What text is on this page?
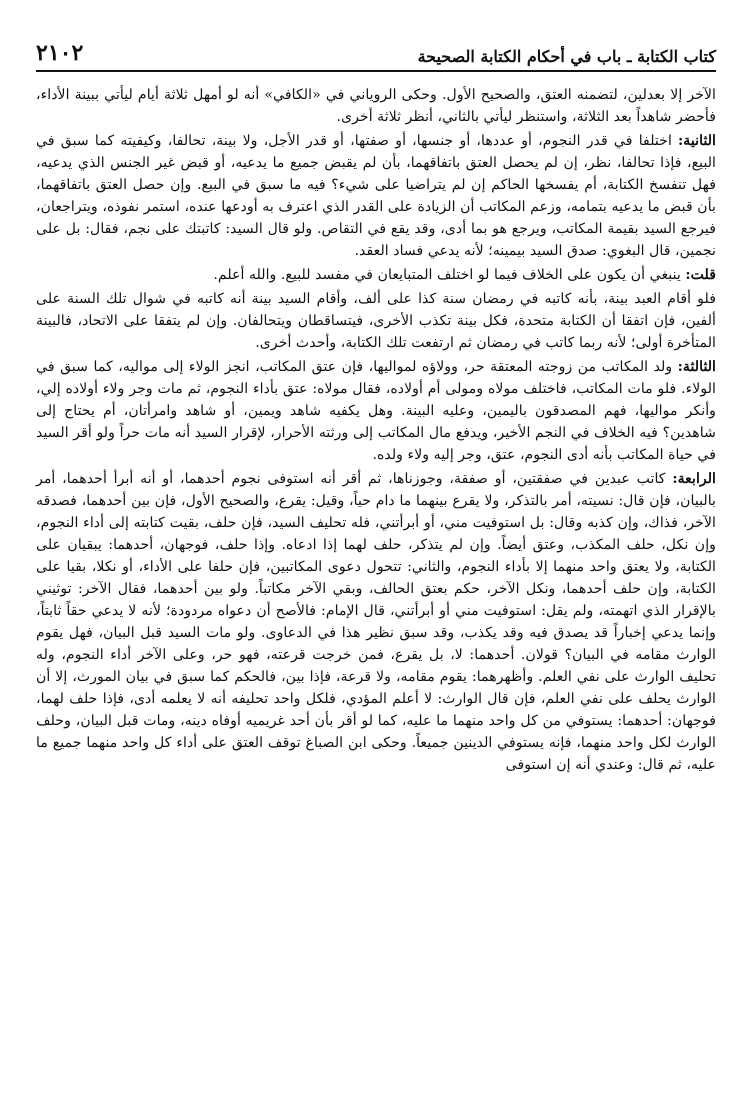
كتاب الكتابة ـ باب في أحكام الكتابة الصحيحة
٢١٠٢

الآخر إلا بعدلين، لتضمنه العتق، والصحيح الأول. وحكى الروياني في «الكافي» أنه لو أمهل ثلاثة أيام ليأتي ببينة الأداء، فأحضر شاهداً بعد الثلاثة، واستنظر ليأتي بالثاني، أنظر ثلاثة أخرى.

الثانية: اختلفا في قدر النجوم، أو عددها، أو جنسها، أو صفتها، أو قدر الأجل، ولا بينة، تحالفا، وكيفيته كما سبق في البيع، فإذا تحالفا، نظر، إن لم يحصل العتق باتفاقهما، بأن لم يقبض جميع ما يدعيه، أو قبض غير الجنس الذي يدعيه، فهل تنفسخ الكتابة، أم يفسخها الحاكم إن لم يتراضيا على شيء؟ فيه ما سبق في البيع. وإن حصل العتق باتفاقهما، بأن قبض ما يدعيه بتمامه، وزعم المكاتب أن الزيادة على القدر الذي اعترف به أودعها عنده، استمر نفوذه، ويتراجعان، فيرجع السيد بقيمة المكاتب، ويرجع هو بما أدى، وقد يقع في التقاص. ولو قال السيد: كاتبتك على نجم، فقال: بل على نجمين، قال البغوي: صدق السيد بيمينه؛ لأنه يدعي فساد العقد.

قلت: ينبغي أن يكون على الخلاف فيما لو اختلف المتبايعان في مفسد للبيع. والله أعلم.

فلو أقام العبد بينة، بأنه كاتبه في رمضان سنة كذا على ألف، وأقام السيد بينة أنه كاتبه في شوال تلك السنة على ألفين، فإن اتفقا أن الكتابة متحدة، فكل بينة تكذب الأخرى، فيتساقطان ويتحالفان. وإن لم يتفقا على الاتحاد، فالبينة المتأخرة أولى؛ لأنه ربما كاتب في رمضان ثم ارتفعت تلك الكتابة، وأحدث أخرى.

الثالثة: ولد المكاتب من زوجته المعتقة حر، وولاؤه لمواليها، فإن عتق المكاتب، انجز الولاء إلى مواليه، كما سبق في الولاء. فلو مات المكاتب، فاختلف مولاه ومولى أم أولاده، فقال مولاه: عتق بأداء النجوم، ثم مات وجر ولاء أولاده إلي، وأنكر مواليها، فهم المصدقون باليمين، وعليه البينة. وهل يكفيه شاهد ويمين، أو شاهد وامرأتان، أم يحتاج إلى شاهدين؟ فيه الخلاف في النجم الأخير، ويدفع مال المكاتب إلى ورثته الأحرار، لإقرار السيد أنه مات حراً ولو أقر السيد في حياة المكاتب بأنه أدى النجوم، عتق، وجر إليه ولاء ولده.

الرابعة: كاتب عبدين في صفقتين، أو صفقة، وجوزناها، ثم أقر أنه استوفى نجوم أحدهما، أو أنه أبرأ أحدهما، أمر بالبيان، فإن قال: نسيته، أمر بالتذكر، ولا يقرع بينهما ما دام حياً، وقيل: يقرع، والصحيح الأول، فإن بين أحدهما، فصدقه الآخر، فذاك، وإن كذبه وقال: بل استوفيت مني، أو أبرأتني، فله تحليف السيد، فإن حلف، بقيت كتابته إلى أداء النجوم، وإن نكل، حلف المكذب، وعتق أيضاً. وإن لم يتذكر، حلف لهما إذا ادعاه. وإذا حلف، فوجهان، أحدهما: يبقيان على الكتابة، ولا يعتق واحد منهما إلا بأداء النجوم، والثاني: تتحول دعوى المكاتبين، فإن حلفا على الأداء، أو نكلا، بقيا على الكتابة، وإن حلف أحدهما، ونكل الآخر، حكم بعتق الحالف، وبقي الآخر مكاتباً. ولو بين أحدهما، فقال الآخر: توثيني بالإقرار الذي اتهمته، ولم يقل: استوفيت مني أو أبرأتني، قال الإمام: فالأصح أن دعواه مردودة؛ لأنه لا يدعي حقاً ثابتاً، وإنما يدعي إخباراً قد يصدق فيه وقد يكذب، وقد سبق نظير هذا في الدعاوى. ولو مات السيد قبل البيان، فهل يقوم الوارث مقامه في البيان؟ قولان. أحدهما: لا، بل يقرع، فمن خرجت قرعته، فهو حر، وعلى الآخر أداء النجوم، وله تحليف الوارث على نفي العلم. وأظهرهما: يقوم مقامه، ولا قرعة، فإذا بين، فالحكم كما سبق في بيان المورث، إلا أن الوارث يحلف على نفي العلم، فإن قال الوارث: لا أعلم المؤدي، فلكل واحد تحليفه أنه لا يعلمه أدى، فإذا حلف لهما، فوجهان: أحدهما: يستوفي من كل واحد منهما ما عليه، كما لو أقر بأن أحد غريميه أوفاه دينه، ومات قبل البيان، وحلف الوارث لكل واحد منهما، فإنه يستوفي الدينين جميعاً. وحكى ابن الصباغ توقف العتق على أداء كل واحد منهما جميع ما عليه، ثم قال: وعندي أنه إن استوفى
